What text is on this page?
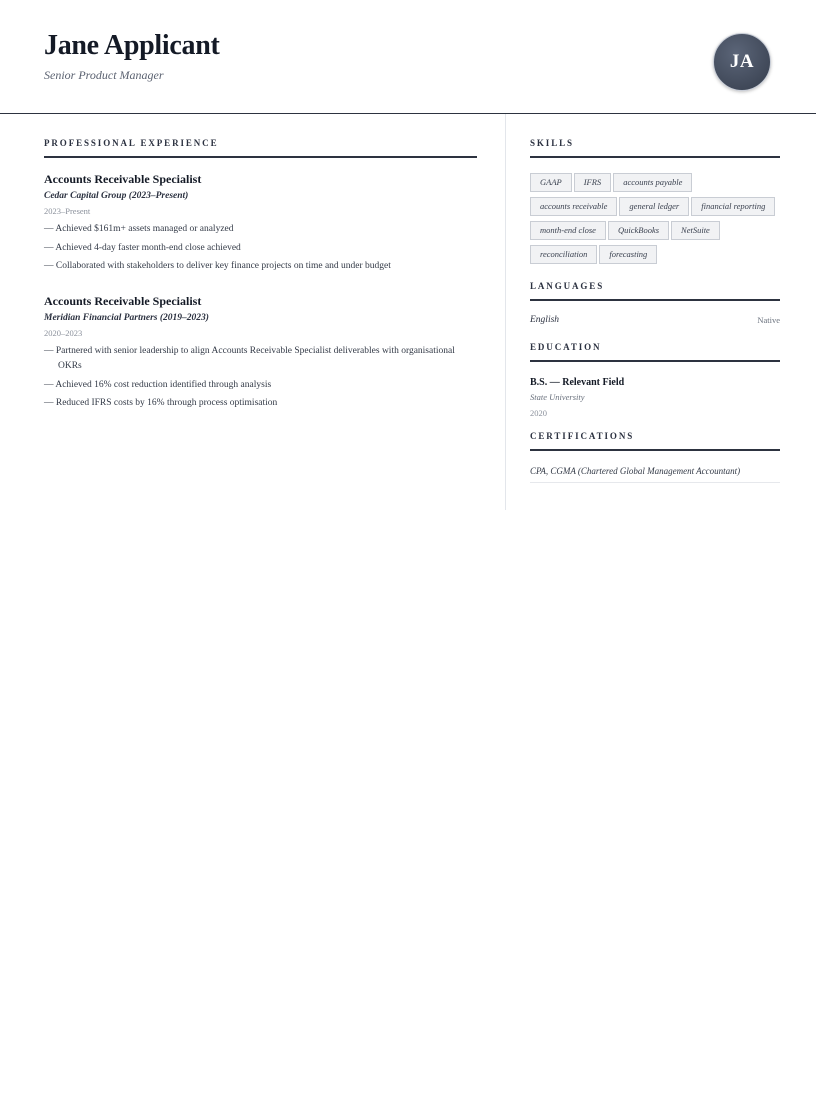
Jane Applicant
Senior Product Manager
JA
PROFESSIONAL EXPERIENCE
Accounts Receivable Specialist
Cedar Capital Group (2023–Present)
2023–Present
— Achieved $161m+ assets managed or analyzed
— Achieved 4-day faster month-end close achieved
— Collaborated with stakeholders to deliver key finance projects on time and under budget
Accounts Receivable Specialist
Meridian Financial Partners (2019–2023)
2020–2023
— Partnered with senior leadership to align Accounts Receivable Specialist deliverables with organisational OKRs
— Achieved 16% cost reduction identified through analysis
— Reduced IFRS costs by 16% through process optimisation
SKILLS
GAAP	IFRS	accounts payable
accounts receivable	general ledger	financial reporting
month-end close	QuickBooks	NetSuite
reconciliation	forecasting
LANGUAGES
English	Native
EDUCATION
B.S. — Relevant Field
State University
2020
CERTIFICATIONS
CPA, CGMA (Chartered Global Management Accountant)
